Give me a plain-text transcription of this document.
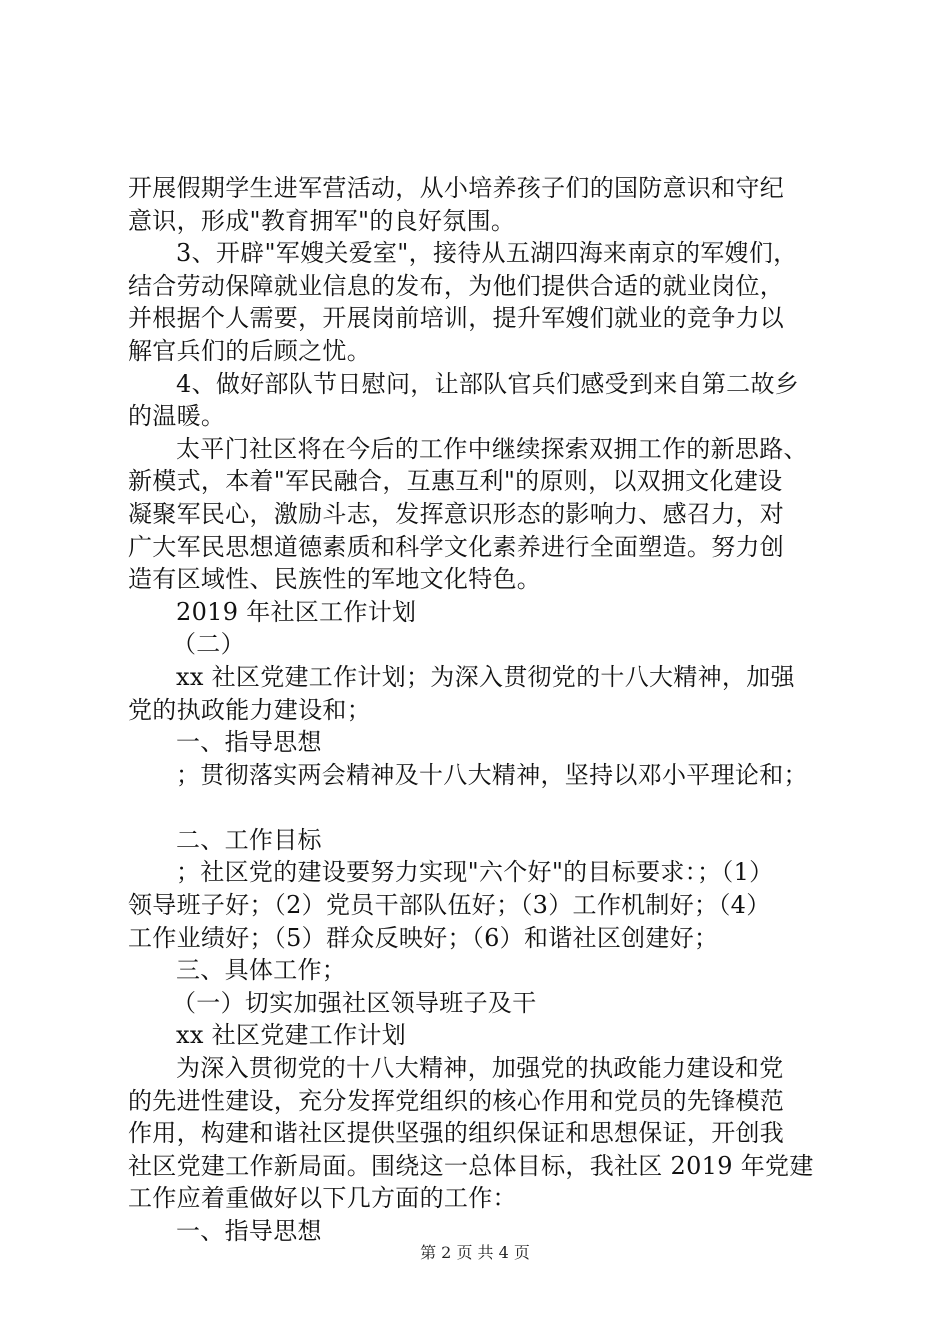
开展假期学生进军营活动，从小培养孩子们的国防意识和守纪
意识，形成"教育拥军"的良好氛围。
3、开辟"军嫂关爱室"，接待从五湖四海来南京的军嫂们，
结合劳动保障就业信息的发布，为他们提供合适的就业岗位，
并根据个人需要，开展岗前培训，提升军嫂们就业的竞争力以
解官兵们的后顾之忧。
4、做好部队节日慰问，让部队官兵们感受到来自第二故乡
的温暖。
太平门社区将在今后的工作中继续探索双拥工作的新思路、
新模式，本着"军民融合，互惠互利"的原则，以双拥文化建设
凝聚军民心，激励斗志，发挥意识形态的影响力、感召力，对
广大军民思想道德素质和科学文化素养进行全面塑造。努力创
造有区域性、民族性的军地文化特色。
2019 年社区工作计划
（二）
xx 社区党建工作计划；为深入贯彻党的十八大精神，加强
党的执政能力建设和；
一、指导思想
；贯彻落实两会精神及十八大精神，坚持以邓小平理论和；
二、工作目标
；社区党的建设要努力实现"六个好"的目标要求：；（1）
领导班子好；（2）党员干部队伍好；（3）工作机制好；（4）
工作业绩好；（5）群众反映好；（6）和谐社区创建好；
三、具体工作；
（一）切实加强社区领导班子及干
xx 社区党建工作计划
为深入贯彻党的十八大精神，加强党的执政能力建设和党
的先进性建设，充分发挥党组织的核心作用和党员的先锋模范
作用，构建和谐社区提供坚强的组织保证和思想保证，开创我
社区党建工作新局面。围绕这一总体目标，我社区 2019 年党建
工作应着重做好以下几方面的工作：
一、指导思想
第 2 页 共 4 页
